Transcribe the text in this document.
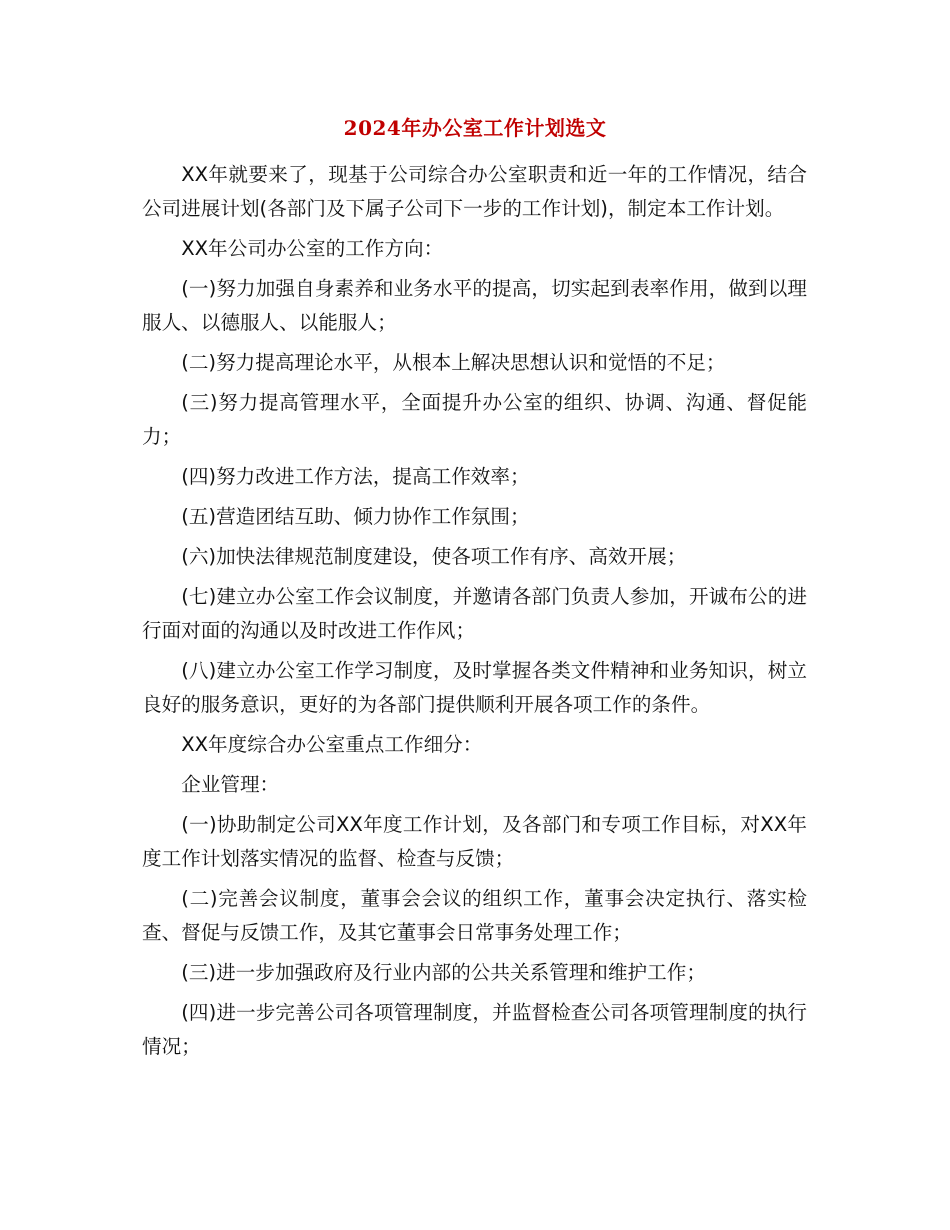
2024年办公室工作计划选文

XX年就要来了，现基于公司综合办公室职责和近一年的工作情况，结合公司进展计划(各部门及下属子公司下一步的工作计划)，制定本工作计划。

XX年公司办公室的工作方向：

(一)努力加强自身素养和业务水平的提高，切实起到表率作用，做到以理服人、以德服人、以能服人；

(二)努力提高理论水平，从根本上解决思想认识和觉悟的不足；

(三)努力提高管理水平，全面提升办公室的组织、协调、沟通、督促能力；

(四)努力改进工作方法，提高工作效率；

(五)营造团结互助、倾力协作工作氛围；

(六)加快法律规范制度建设，使各项工作有序、高效开展；

(七)建立办公室工作会议制度，并邀请各部门负责人参加，开诚布公的进行面对面的沟通以及时改进工作作风；

(八)建立办公室工作学习制度，及时掌握各类文件精神和业务知识，树立良好的服务意识，更好的为各部门提供顺利开展各项工作的条件。

XX年度综合办公室重点工作细分：

企业管理：

(一)协助制定公司XX年度工作计划，及各部门和专项工作目标，对XX年度工作计划落实情况的监督、检查与反馈；

(二)完善会议制度，董事会会议的组织工作，董事会决定执行、落实检查、督促与反馈工作，及其它董事会日常事务处理工作；

(三)进一步加强政府及行业内部的公共关系管理和维护工作；

(四)进一步完善公司各项管理制度，并监督检查公司各项管理制度的执行情况；
